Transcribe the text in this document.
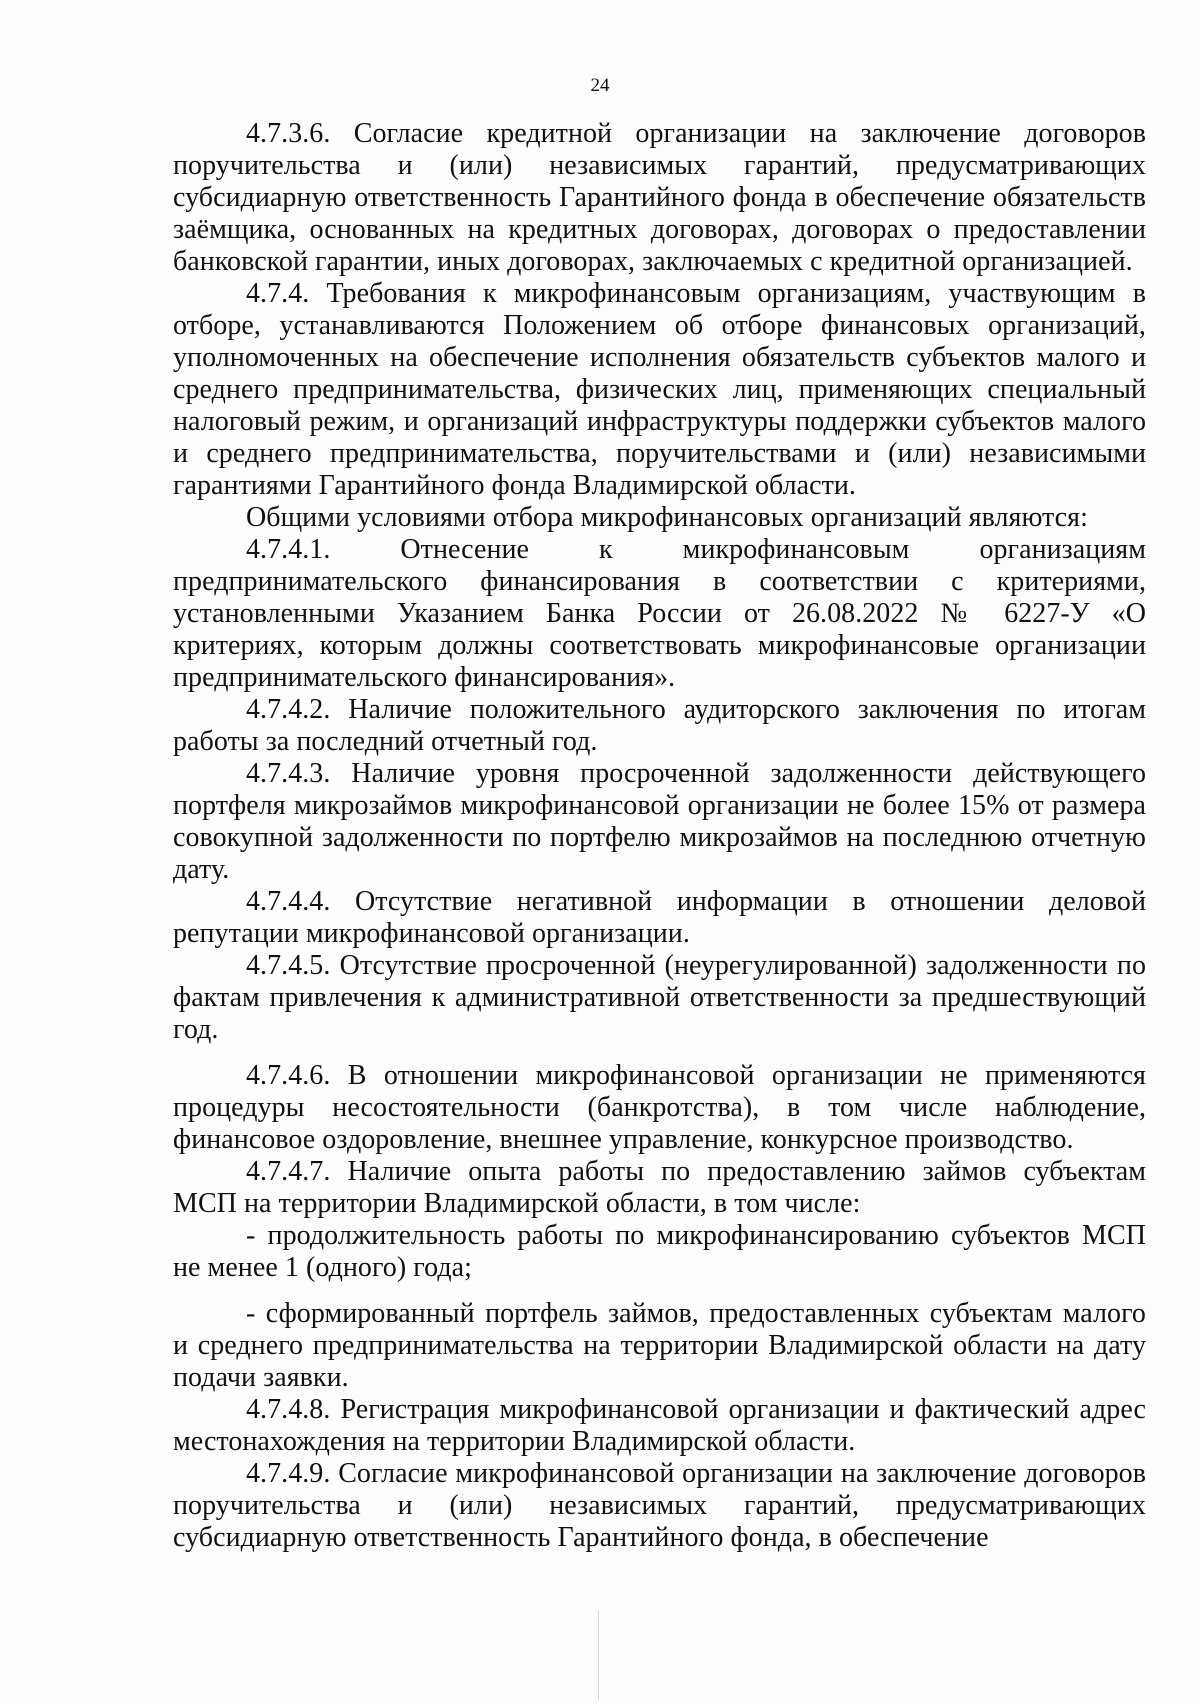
24

4.7.3.6. Согласие кредитной организации на заключение договоров поручительства и (или) независимых гарантий, предусматривающих субсидиарную ответственность Гарантийного фонда в обеспечение обязательств заёмщика, основанных на кредитных договорах, договорах о предоставлении банковской гарантии, иных договорах, заключаемых с кредитной организацией.

4.7.4. Требования к микрофинансовым организациям, участвующим в отборе, устанавливаются Положением об отборе финансовых организаций, уполномоченных на обеспечение исполнения обязательств субъектов малого и среднего предпринимательства, физических лиц, применяющих специальный налоговый режим, и организаций инфраструктуры поддержки субъектов малого и среднего предпринимательства, поручительствами и (или) независимыми гарантиями Гарантийного фонда Владимирской области.

Общими условиями отбора микрофинансовых организаций являются:

4.7.4.1. Отнесение к микрофинансовым организациям предпринимательского финансирования в соответствии с критериями, установленными Указанием Банка России от 26.08.2022 № 6227-У «О критериях, которым должны соответствовать микрофинансовые организации предпринимательского финансирования».

4.7.4.2. Наличие положительного аудиторского заключения по итогам работы за последний отчетный год.

4.7.4.3. Наличие уровня просроченной задолженности действующего портфеля микрозаймов микрофинансовой организации не более 15% от размера совокупной задолженности по портфелю микрозаймов на последнюю отчетную дату.

4.7.4.4. Отсутствие негативной информации в отношении деловой репутации микрофинансовой организации.

4.7.4.5. Отсутствие просроченной (неурегулированной) задолженности по фактам привлечения к административной ответственности за предшествующий год.

4.7.4.6. В отношении микрофинансовой организации не применяются процедуры несостоятельности (банкротства), в том числе наблюдение, финансовое оздоровление, внешнее управление, конкурсное производство.

4.7.4.7. Наличие опыта работы по предоставлению займов субъектам МСП на территории Владимирской области, в том числе:

- продолжительность работы по микрофинансированию субъектов МСП не менее 1 (одного) года;

- сформированный портфель займов, предоставленных субъектам малого и среднего предпринимательства на территории Владимирской области на дату подачи заявки.

4.7.4.8. Регистрация микрофинансовой организации и фактический адрес местонахождения на территории Владимирской области.

4.7.4.9. Согласие микрофинансовой организации на заключение договоров поручительства и (или) независимых гарантий, предусматривающих субсидиарную ответственность Гарантийного фонда, в обеспечение
